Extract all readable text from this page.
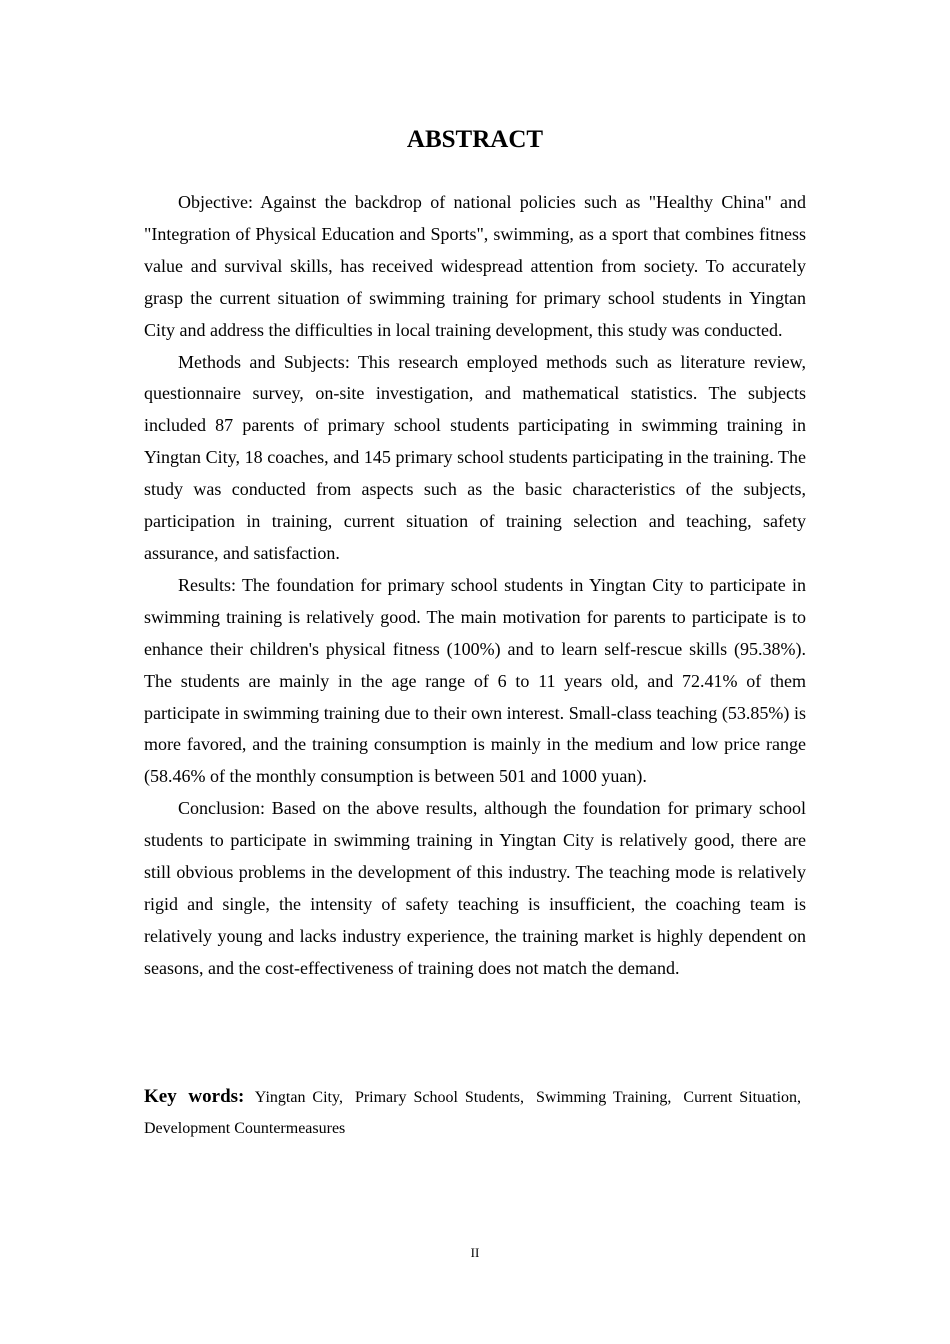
ABSTRACT

Objective: Against the backdrop of national policies such as "Healthy China" and "Integration of Physical Education and Sports", swimming, as a sport that combines fitness value and survival skills, has received widespread attention from society. To accurately grasp the current situation of swimming training for primary school students in Yingtan City and address the difficulties in local training development, this study was conducted.

Methods and Subjects: This research employed methods such as literature review, questionnaire survey, on-site investigation, and mathematical statistics. The subjects included 87 parents of primary school students participating in swimming training in Yingtan City, 18 coaches, and 145 primary school students participating in the training. The study was conducted from aspects such as the basic characteristics of the subjects, participation in training, current situation of training selection and teaching, safety assurance, and satisfaction.

Results: The foundation for primary school students in Yingtan City to participate in swimming training is relatively good. The main motivation for parents to participate is to enhance their children's physical fitness (100%) and to learn self-rescue skills (95.38%). The students are mainly in the age range of 6 to 11 years old, and 72.41% of them participate in swimming training due to their own interest. Small-class teaching (53.85%) is more favored, and the training consumption is mainly in the medium and low price range (58.46% of the monthly consumption is between 501 and 1000 yuan).

Conclusion: Based on the above results, although the foundation for primary school students to participate in swimming training in Yingtan City is relatively good, there are still obvious problems in the development of this industry. The teaching mode is relatively rigid and single, the intensity of safety teaching is insufficient, the coaching team is relatively young and lacks industry experience, the training market is highly dependent on seasons, and the cost-effectiveness of training does not match the demand.

Key words: Yingtan City, Primary School Students, Swimming Training, Current Situation, Development Countermeasures

II
